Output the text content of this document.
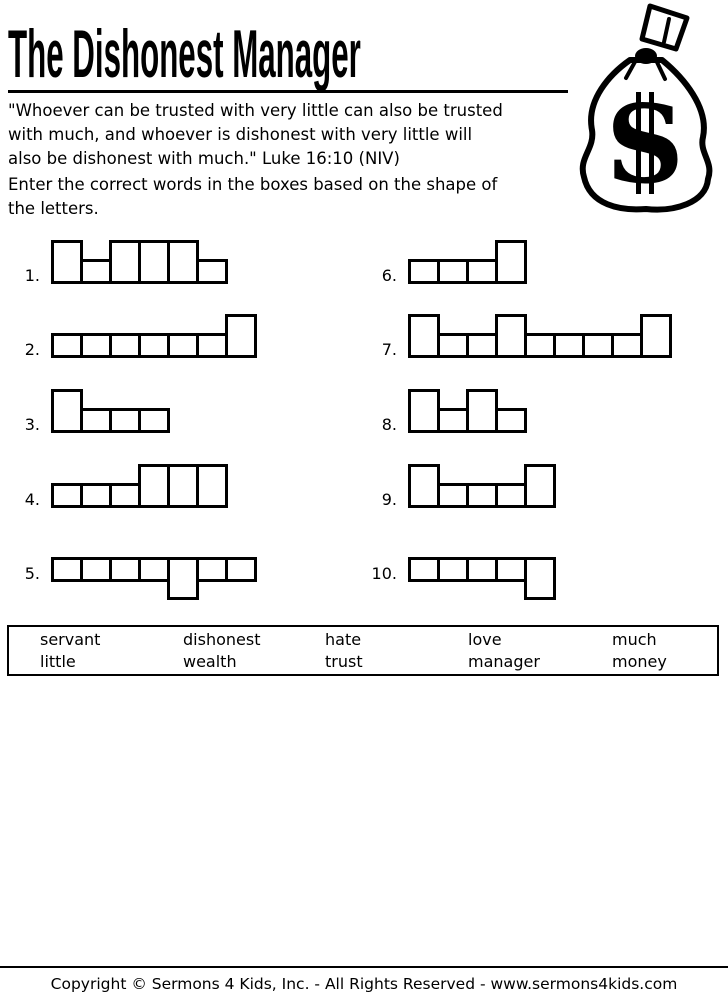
The Dishonest Manager
"Whoever can be trusted with very little can also be trusted
with much, and whoever is dishonest with very little will
also be dishonest with much." Luke 16:10 (NIV)
Enter the correct words in the boxes based on the shape of
the letters.
S
1.
2.
3.
4.
5.
6.
7.
8.
9.
10.
servant	dishonest	hate	love	much
little	wealth	trust	manager	money
Copyright © Sermons 4 Kids, Inc. - All Rights Reserved - www.sermons4kids.com
